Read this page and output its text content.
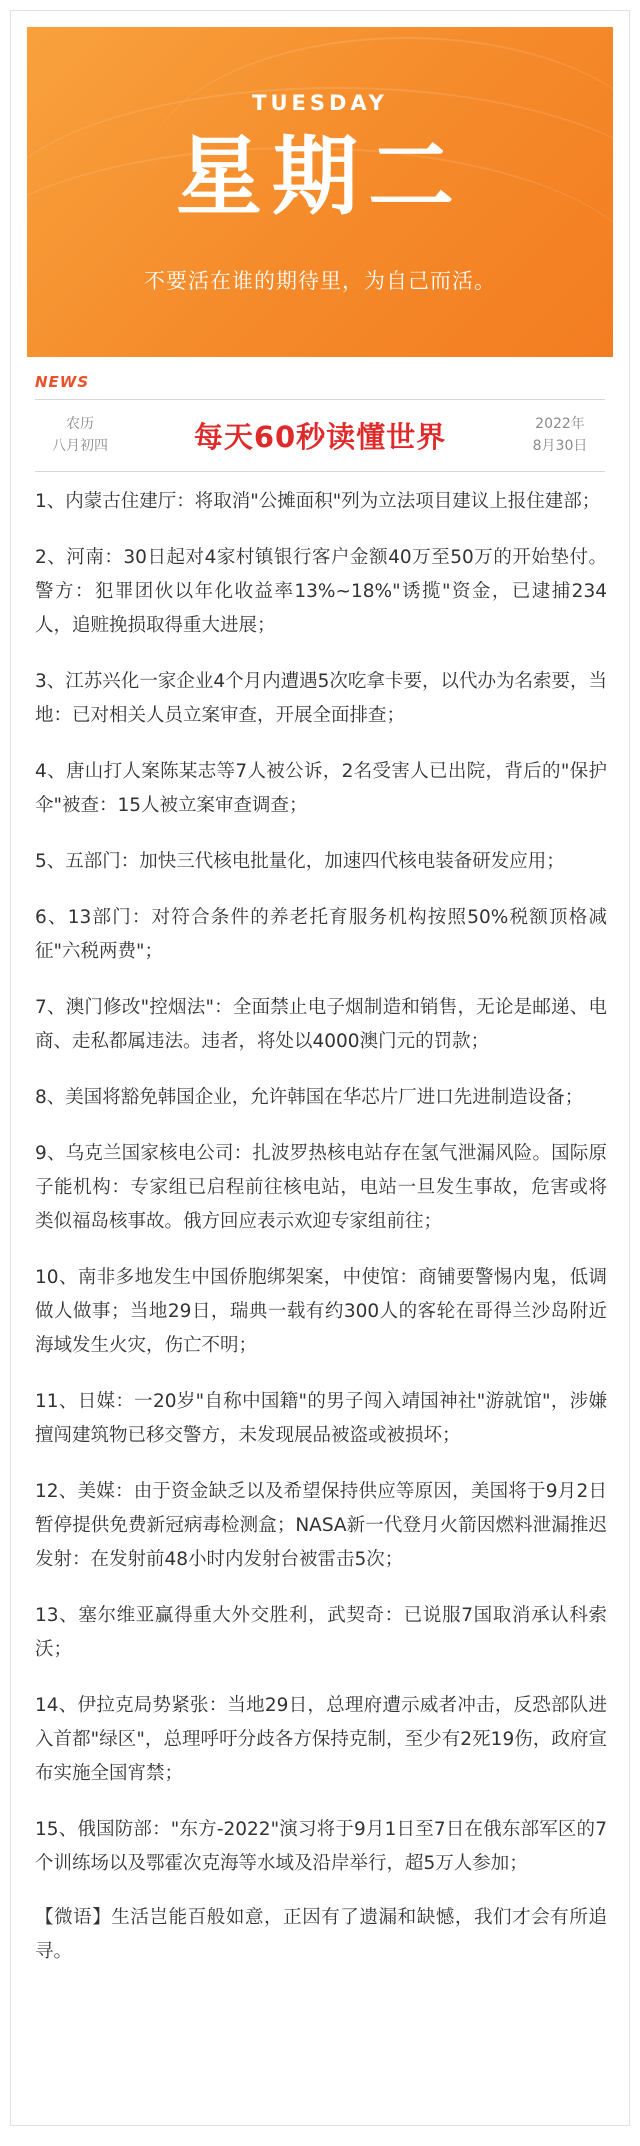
TUESDAY
星期二
不要活在谁的期待里，为自己而活。
NEWS
农历
八月初四	每天60秒读懂世界	2022年
8月30日

1、内蒙古住建厅：将取消"公摊面积"列为立法项目建议上报住建部；

2、河南：30日起对4家村镇银行客户金额40万至50万的开始垫付。警方：犯罪团伙以年化收益率13%~18%"诱揽"资金，已逮捕234人，追赃挽损取得重大进展；

3、江苏兴化一家企业4个月内遭遇5次吃拿卡要，以代办为名索要，当地：已对相关人员立案审查，开展全面排查；

4、唐山打人案陈某志等7人被公诉，2名受害人已出院，背后的"保护伞"被查：15人被立案审查调查；

5、五部门：加快三代核电批量化，加速四代核电装备研发应用；

6、13部门：对符合条件的养老托育服务机构按照50%税额顶格减征"六税两费"；

7、澳门修改"控烟法"：全面禁止电子烟制造和销售，无论是邮递、电商、走私都属违法。违者，将处以4000澳门元的罚款；

8、美国将豁免韩国企业，允许韩国在华芯片厂进口先进制造设备；

9、乌克兰国家核电公司：扎波罗热核电站存在氢气泄漏风险。国际原子能机构：专家组已启程前往核电站，电站一旦发生事故，危害或将类似福岛核事故。俄方回应表示欢迎专家组前往；

10、南非多地发生中国侨胞绑架案，中使馆：商铺要警惕内鬼，低调做人做事；当地29日，瑞典一载有约300人的客轮在哥得兰沙岛附近海域发生火灾，伤亡不明；

11、日媒：一20岁"自称中国籍"的男子闯入靖国神社"游就馆"，涉嫌擅闯建筑物已移交警方，未发现展品被盗或被损坏；

12、美媒：由于资金缺乏以及希望保持供应等原因，美国将于9月2日暂停提供免费新冠病毒检测盒；NASA新一代登月火箭因燃料泄漏推迟发射：在发射前48小时内发射台被雷击5次；

13、塞尔维亚赢得重大外交胜利，武契奇：已说服7国取消承认科索沃；

14、伊拉克局势紧张：当地29日，总理府遭示威者冲击，反恐部队进入首都"绿区"，总理呼吁分歧各方保持克制，至少有2死19伤，政府宣布实施全国宵禁；

15、俄国防部："东方-2022"演习将于9月1日至7日在俄东部军区的7个训练场以及鄂霍次克海等水域及沿岸举行，超5万人参加；

【微语】生活岂能百般如意，正因有了遗漏和缺憾，我们才会有所追寻。
